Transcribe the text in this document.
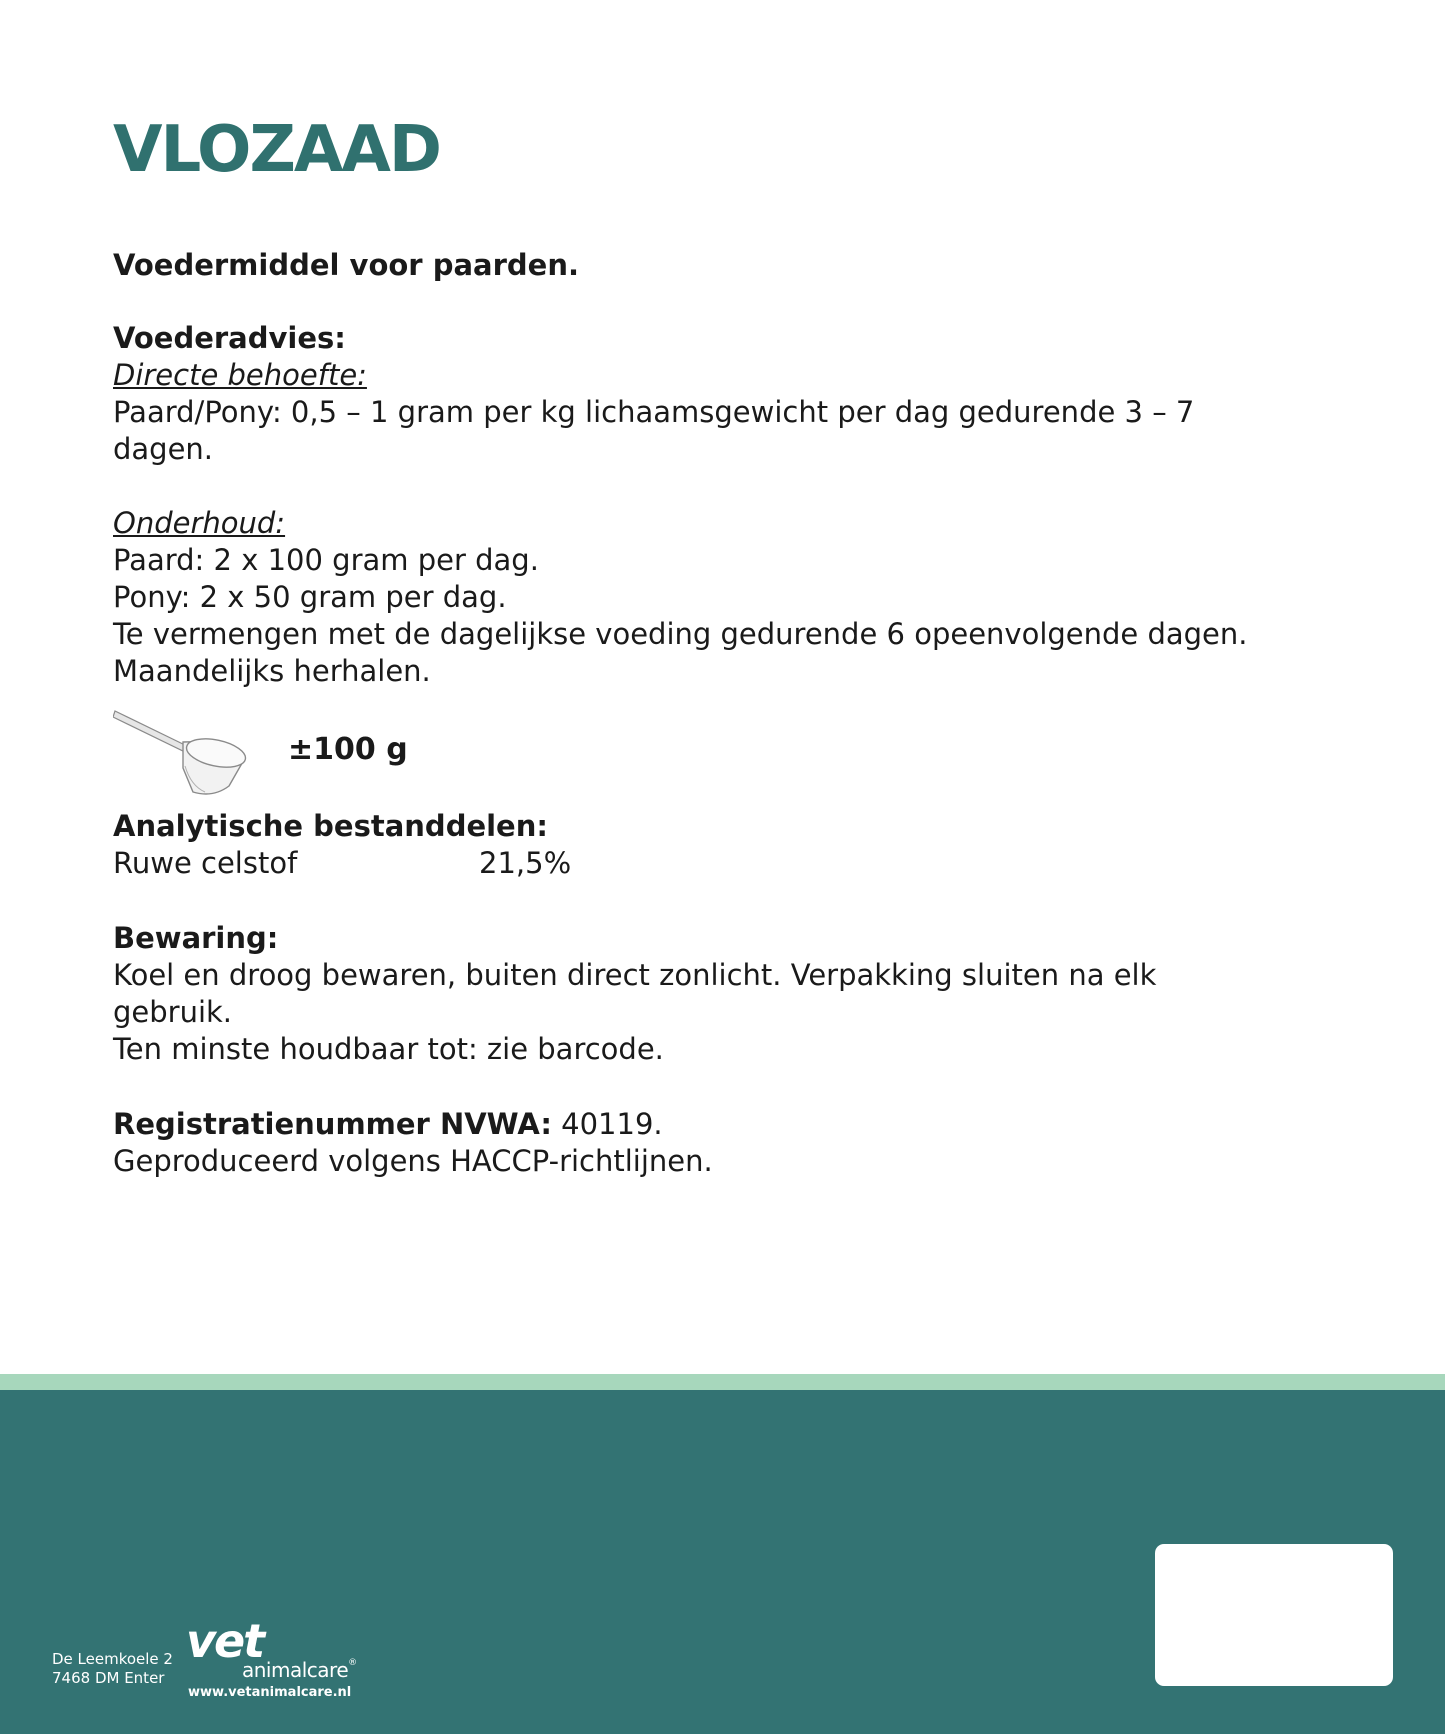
VLOZAAD
Voedermiddel voor paarden.
Voederadvies:
Directe behoefte:
Paard/Pony: 0,5 – 1 gram per kg lichaamsgewicht per dag gedurende 3 – 7
dagen.
Onderhoud:
Paard: 2 x 100 gram per dag.
Pony: 2 x 50 gram per dag.
Te vermengen met de dagelijkse voeding gedurende 6 opeenvolgende dagen.
Maandelijks herhalen.
±100 g
Analytische bestanddelen:
Ruwe celstof	21,5%
Bewaring:
Koel en droog bewaren, buiten direct zonlicht. Verpakking sluiten na elk
gebruik.
Ten minste houdbaar tot: zie barcode.
Registratienummer NVWA: 40119.
Geproduceerd volgens HACCP-richtlijnen.
De Leemkoele 2
7468 DM Enter
vet
animalcare®
www.vetanimalcare.nl
